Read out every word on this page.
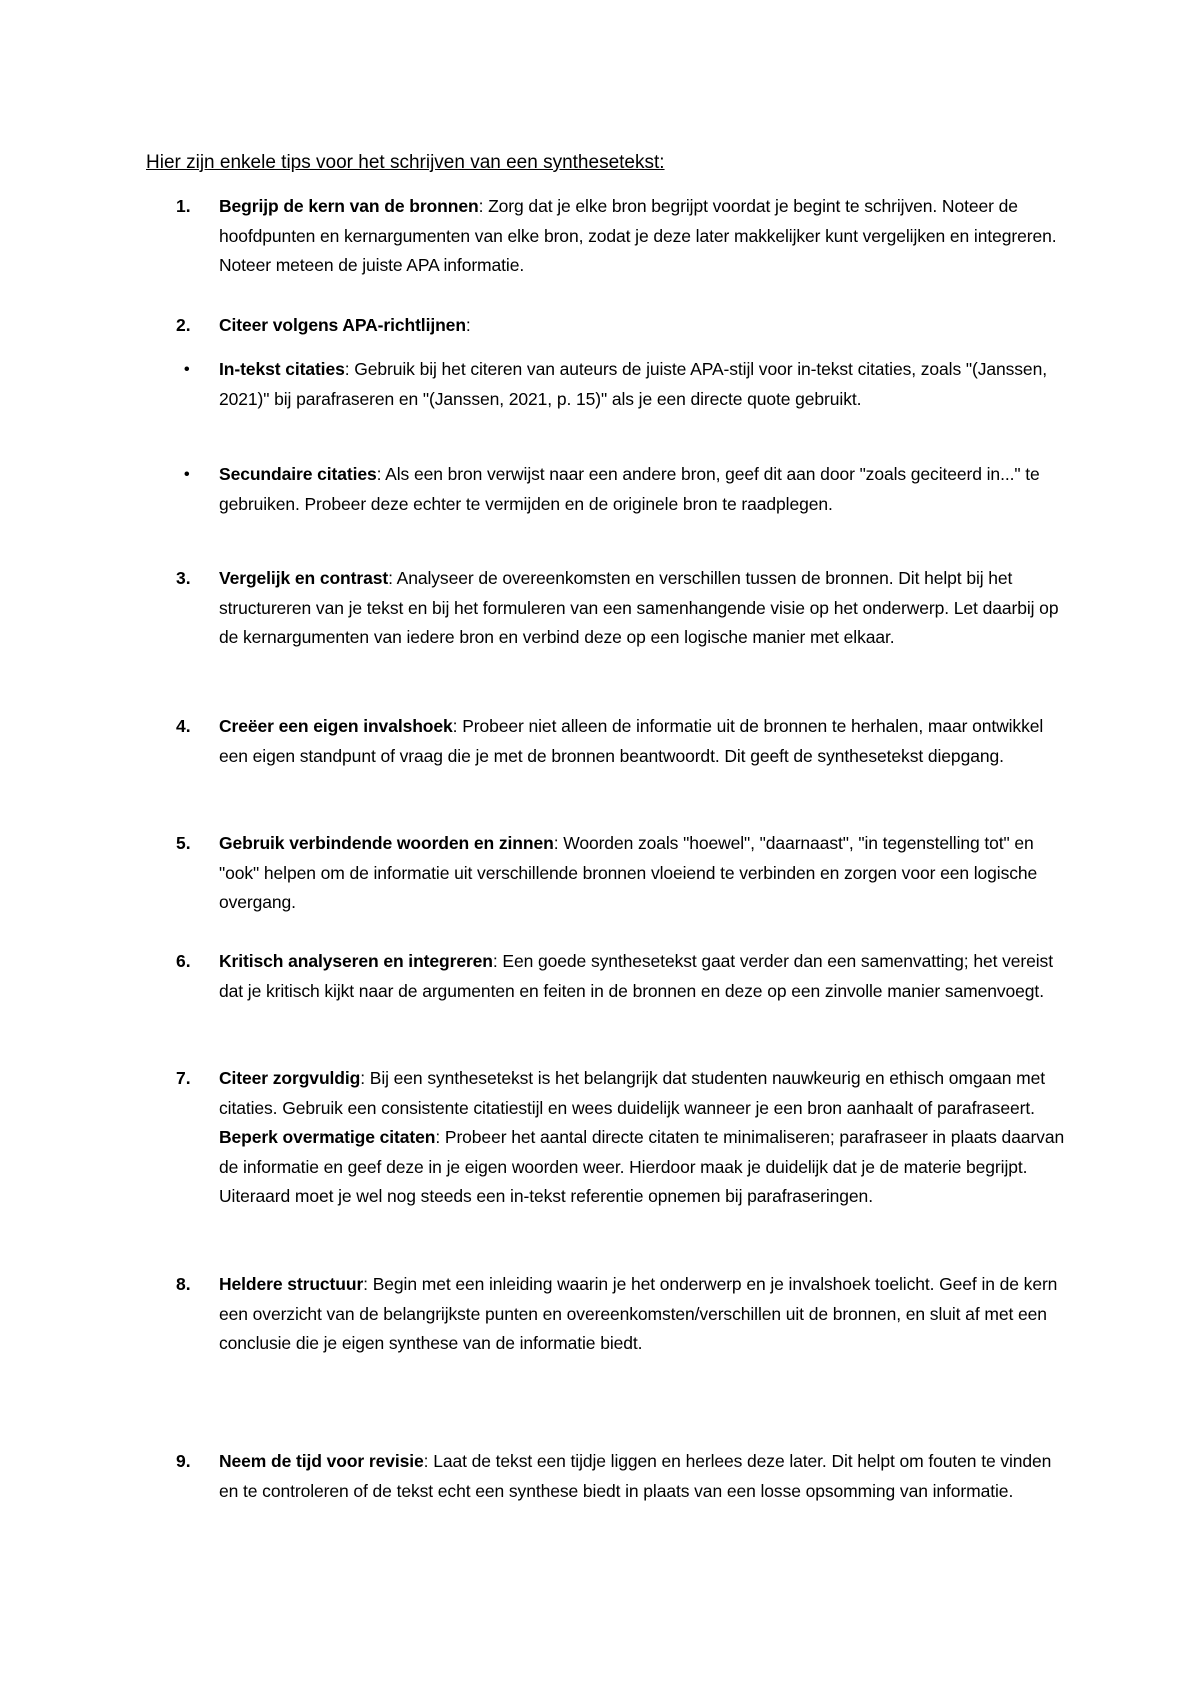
Hier zijn enkele tips voor het schrijven van een synthesetekst:
1.	Begrijp de kern van de bronnen: Zorg dat je elke bron begrijpt voordat je begint te schrijven. Noteer de hoofdpunten en kernargumenten van elke bron, zodat je deze later makkelijker kunt vergelijken en integreren. Noteer meteen de juiste APA informatie.
2.	Citeer volgens APA-richtlijnen:
•	In-tekst citaties: Gebruik bij het citeren van auteurs de juiste APA-stijl voor in-tekst citaties, zoals "(Janssen, 2021)" bij parafraseren en "(Janssen, 2021, p. 15)" als je een directe quote gebruikt.
•	Secundaire citaties: Als een bron verwijst naar een andere bron, geef dit aan door "zoals geciteerd in..." te gebruiken. Probeer deze echter te vermijden en de originele bron te raadplegen.
3.	Vergelijk en contrast: Analyseer de overeenkomsten en verschillen tussen de bronnen. Dit helpt bij het structureren van je tekst en bij het formuleren van een samenhangende visie op het onderwerp. Let daarbij op de kernargumenten van iedere bron en verbind deze op een logische manier met elkaar.
4.	Creëer een eigen invalshoek: Probeer niet alleen de informatie uit de bronnen te herhalen, maar ontwikkel een eigen standpunt of vraag die je met de bronnen beantwoordt. Dit geeft de synthesetekst diepgang.
5.	Gebruik verbindende woorden en zinnen: Woorden zoals "hoewel", "daarnaast", "in tegenstelling tot" en "ook" helpen om de informatie uit verschillende bronnen vloeiend te verbinden en zorgen voor een logische overgang.
6.	Kritisch analyseren en integreren: Een goede synthesetekst gaat verder dan een samenvatting; het vereist dat je kritisch kijkt naar de argumenten en feiten in de bronnen en deze op een zinvolle manier samenvoegt.
7.	Citeer zorgvuldig: Bij een synthesetekst is het belangrijk dat studenten nauwkeurig en ethisch omgaan met citaties. Gebruik een consistente citatiestijl en wees duidelijk wanneer je een bron aanhaalt of parafraseert. Beperk overmatige citaten: Probeer het aantal directe citaten te minimaliseren; parafraseer in plaats daarvan de informatie en geef deze in je eigen woorden weer. Hierdoor maak je duidelijk dat je de materie begrijpt. Uiteraard moet je wel nog steeds een in-tekst referentie opnemen bij parafraseringen.
8.	Heldere structuur: Begin met een inleiding waarin je het onderwerp en je invalshoek toelicht. Geef in de kern een overzicht van de belangrijkste punten en overeenkomsten/verschillen uit de bronnen, en sluit af met een conclusie die je eigen synthese van de informatie biedt.
9.	Neem de tijd voor revisie: Laat de tekst een tijdje liggen en herlees deze later. Dit helpt om fouten te vinden en te controleren of de tekst echt een synthese biedt in plaats van een losse opsomming van informatie.
